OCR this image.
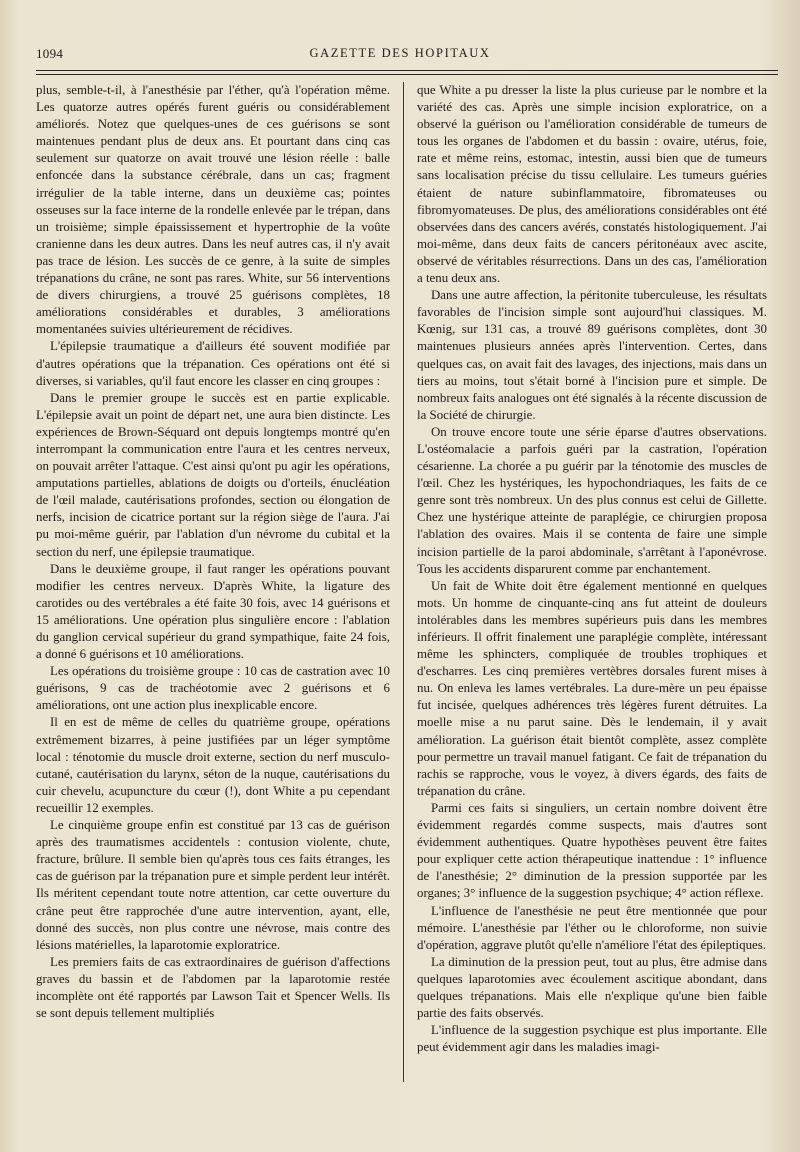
1094	GAZETTE DES HOPITAUX

plus, semble-t-il, à l'anesthésie par l'éther, qu'à l'opération même. Les quatorze autres opérés furent guéris ou considérablement améliorés. Notez que quelques-unes de ces guérisons se sont maintenues pendant plus de deux ans. Et pourtant dans cinq cas seulement sur quatorze on avait trouvé une lésion réelle : balle enfoncée dans la substance cérébrale, dans un cas; fragment irrégulier de la table interne, dans un deuxième cas; pointes osseuses sur la face interne de la rondelle enlevée par le trépan, dans un troisième; simple épaississement et hypertrophie de la voûte cranienne dans les deux autres. Dans les neuf autres cas, il n'y avait pas trace de lésion. Les succès de ce genre, à la suite de simples trépanations du crâne, ne sont pas rares. White, sur 56 interventions de divers chirurgiens, a trouvé 25 guérisons complètes, 18 améliorations considérables et durables, 3 améliorations momentanées suivies ultérieurement de récidives.

L'épilepsie traumatique a d'ailleurs été souvent modifiée par d'autres opérations que la trépanation. Ces opérations ont été si diverses, si variables, qu'il faut encore les classer en cinq groupes :

Dans le premier groupe le succès est en partie explicable. L'épilepsie avait un point de départ net, une aura bien distincte. Les expériences de Brown-Séquard ont depuis longtemps montré qu'en interrompant la communication entre l'aura et les centres nerveux, on pouvait arrêter l'attaque. C'est ainsi qu'ont pu agir les opérations, amputations partielles, ablations de doigts ou d'orteils, énucléation de l'œil malade, cautérisations profondes, section ou élongation de nerfs, incision de cicatrice portant sur la région siège de l'aura. J'ai pu moi-même guérir, par l'ablation d'un névrome du cubital et la section du nerf, une épilepsie traumatique.

Dans le deuxième groupe, il faut ranger les opérations pouvant modifier les centres nerveux. D'après White, la ligature des carotides ou des vertébrales a été faite 30 fois, avec 14 guérisons et 15 améliorations. Une opération plus singulière encore : l'ablation du ganglion cervical supérieur du grand sympathique, faite 24 fois, a donné 6 guérisons et 10 améliorations.

Les opérations du troisième groupe : 10 cas de castration avec 10 guérisons, 9 cas de trachéotomie avec 2 guérisons et 6 améliorations, ont une action plus inexplicable encore.

Il en est de même de celles du quatrième groupe, opérations extrêmement bizarres, à peine justifiées par un léger symptôme local : ténotomie du muscle droit externe, section du nerf musculo-cutané, cautérisation du larynx, séton de la nuque, cautérisations du cuir chevelu, acupuncture du cœur (!), dont White a pu cependant recueillir 12 exemples.

Le cinquième groupe enfin est constitué par 13 cas de guérison après des traumatismes accidentels : contusion violente, chute, fracture, brûlure. Il semble bien qu'après tous ces faits étranges, les cas de guérison par la trépanation pure et simple perdent leur intérêt. Ils méritent cependant toute notre attention, car cette ouverture du crâne peut être rapprochée d'une autre intervention, ayant, elle, donné des succès, non plus contre une névrose, mais contre des lésions matérielles, la laparotomie exploratrice.

Les premiers faits de cas extraordinaires de guérison d'affections graves du bassin et de l'abdomen par la laparotomie restée incomplète ont été rapportés par Lawson Tait et Spencer Wells. Ils se sont depuis tellement multipliés

que White a pu dresser la liste la plus curieuse par le nombre et la variété des cas. Après une simple incision exploratrice, on a observé la guérison ou l'amélioration considérable de tumeurs de tous les organes de l'abdomen et du bassin : ovaire, utérus, foie, rate et même reins, estomac, intestin, aussi bien que de tumeurs sans localisation précise du tissu cellulaire. Les tumeurs guéries étaient de nature subinflammatoire, fibromateuses ou fibromyomateuses. De plus, des améliorations considérables ont été observées dans des cancers avérés, constatés histologiquement. J'ai moi-même, dans deux faits de cancers péritonéaux avec ascite, observé de véritables résurrections. Dans un des cas, l'amélioration a tenu deux ans.

Dans une autre affection, la péritonite tuberculeuse, les résultats favorables de l'incision simple sont aujourd'hui classiques. M. Kœnig, sur 131 cas, a trouvé 89 guérisons complètes, dont 30 maintenues plusieurs années après l'intervention. Certes, dans quelques cas, on avait fait des lavages, des injections, mais dans un tiers au moins, tout s'était borné à l'incision pure et simple. De nombreux faits analogues ont été signalés à la récente discussion de la Société de chirurgie.

On trouve encore toute une série éparse d'autres observations. L'ostéomalacie a parfois guéri par la castration, l'opération césarienne. La chorée a pu guérir par la ténotomie des muscles de l'œil. Chez les hystériques, les hypochondriaques, les faits de ce genre sont très nombreux. Un des plus connus est celui de Gillette. Chez une hystérique atteinte de paraplégie, ce chirurgien proposa l'ablation des ovaires. Mais il se contenta de faire une simple incision partielle de la paroi abdominale, s'arrêtant à l'aponévrose. Tous les accidents disparurent comme par enchantement.

Un fait de White doit être également mentionné en quelques mots. Un homme de cinquante-cinq ans fut atteint de douleurs intolérables dans les membres supérieurs puis dans les membres inférieurs. Il offrit finalement une paraplégie complète, intéressant même les sphincters, compliquée de troubles trophiques et d'escharres. Les cinq premières vertèbres dorsales furent mises à nu. On enleva les lames vertébrales. La dure-mère un peu épaisse fut incisée, quelques adhérences très légères furent détruites. La moelle mise a nu parut saine. Dès le lendemain, il y avait amélioration. La guérison était bientôt complète, assez complète pour permettre un travail manuel fatigant. Ce fait de trépanation du rachis se rapproche, vous le voyez, à divers égards, des faits de trépanation du crâne.

Parmi ces faits si singuliers, un certain nombre doivent être évidemment regardés comme suspects, mais d'autres sont évidemment authentiques. Quatre hypothèses peuvent être faites pour expliquer cette action thérapeutique inattendue : 1° influence de l'anesthésie; 2° diminution de la pression supportée par les organes; 3° influence de la suggestion psychique; 4° action réflexe.

L'influence de l'anesthésie ne peut être mentionnée que pour mémoire. L'anesthésie par l'éther ou le chloroforme, non suivie d'opération, aggrave plutôt qu'elle n'améliore l'état des épileptiques.

La diminution de la pression peut, tout au plus, être admise dans quelques laparotomies avec écoulement ascitique abondant, dans quelques trépanations. Mais elle n'explique qu'une bien faible partie des faits observés.

L'influence de la suggestion psychique est plus importante. Elle peut évidemment agir dans les maladies imagi-
